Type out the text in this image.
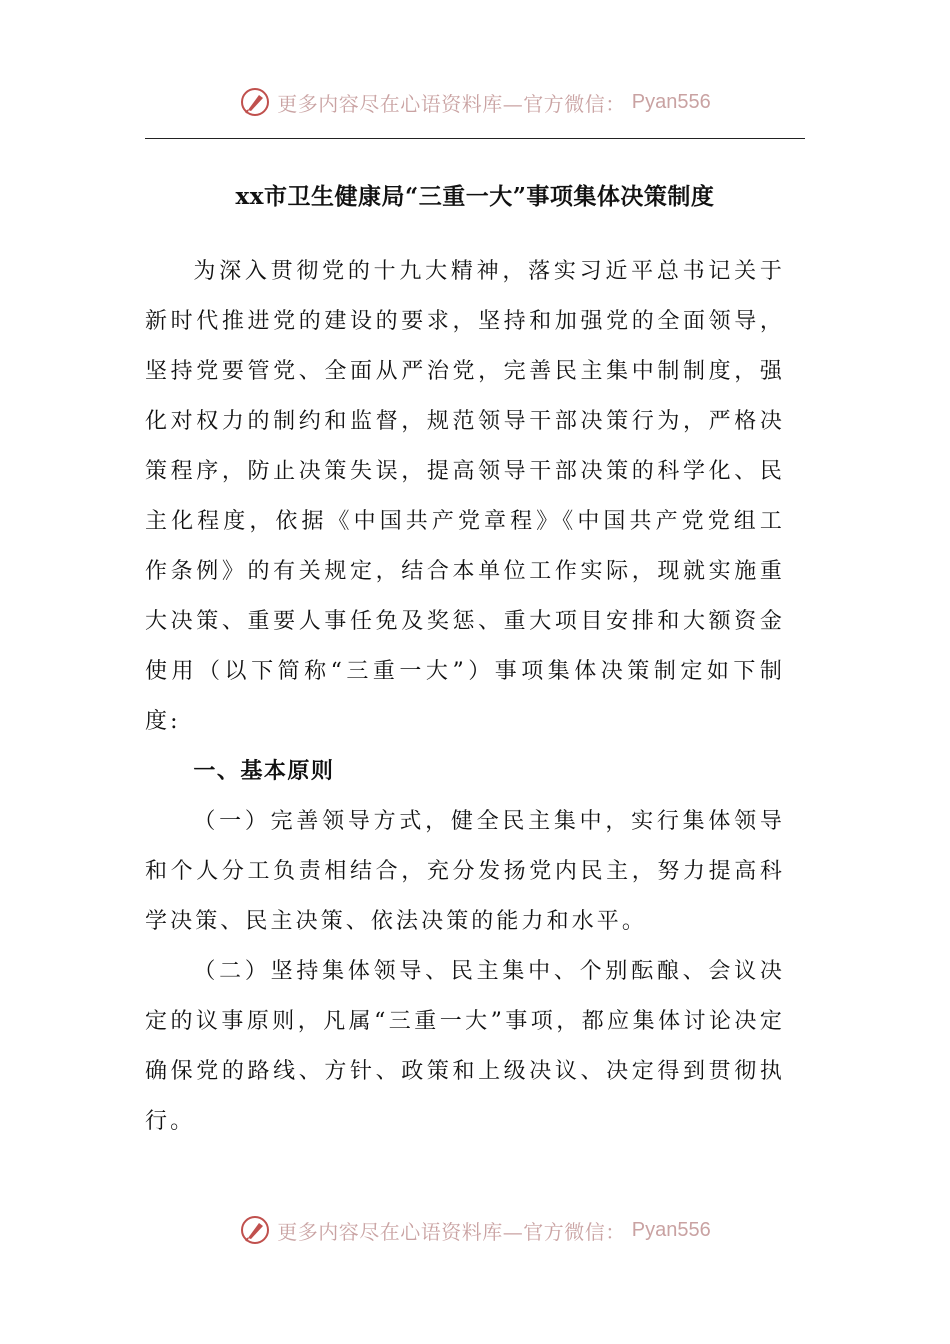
更多内容尽在心语资料库—官方微信： Pyan556
xx市卫生健康局“三重一大”事项集体决策制度

为深入贯彻党的十九大精神，落实习近平总书记关于新时代推进党的建设的要求，坚持和加强党的全面领导，坚持党要管党、全面从严治党，完善民主集中制制度，强化对权力的制约和监督，规范领导干部决策行为，严格决策程序，防止决策失误，提高领导干部决策的科学化、民主化程度，依据《中国共产党章程》《中国共产党党组工作条例》的有关规定，结合本单位工作实际，现就实施重大决策、重要人事任免及奖惩、重大项目安排和大额资金使用（以下简称“三重一大”）事项集体决策制定如下制度:

一、基本原则

（一）完善领导方式，健全民主集中，实行集体领导和个人分工负责相结合，充分发扬党内民主，努力提高科学决策、民主决策、依法决策的能力和水平。

（二）坚持集体领导、民主集中、个别酝酿、会议决定的议事原则，凡属“三重一大”事项，都应集体讨论决定确保党的路线、方针、政策和上级决议、决定得到贯彻执行。

更多内容尽在心语资料库—官方微信： Pyan556
